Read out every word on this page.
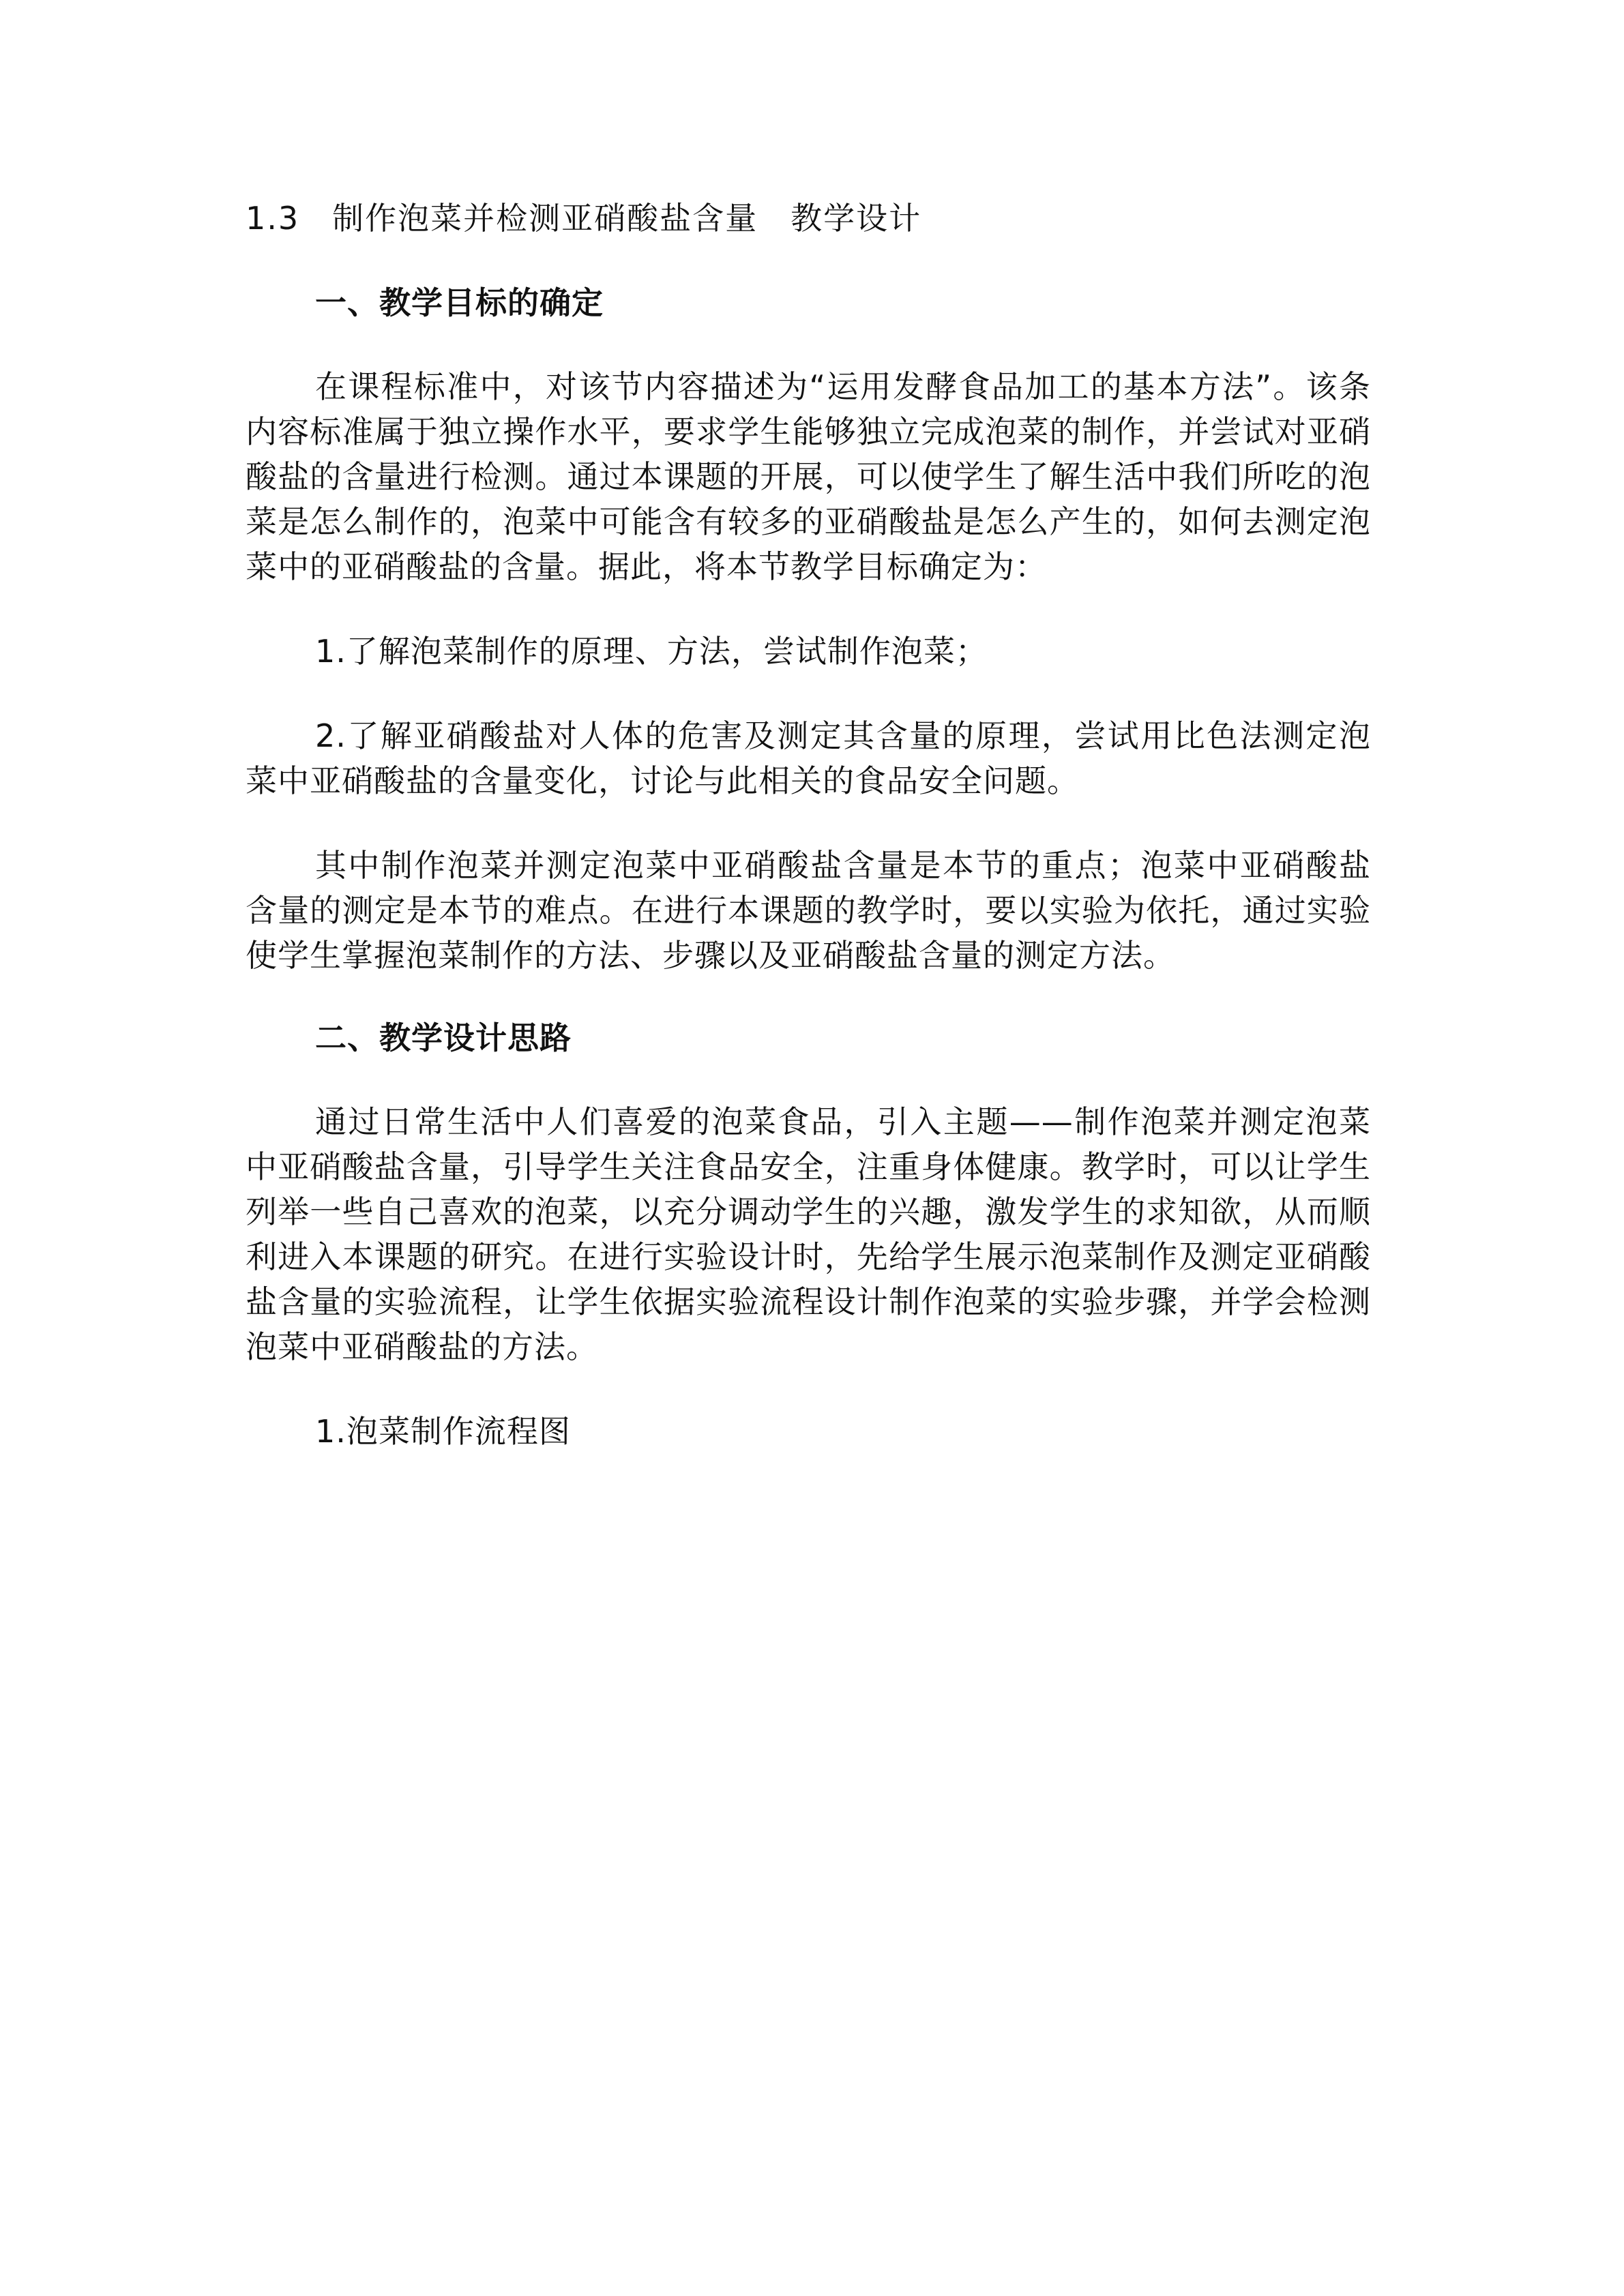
1.3　制作泡菜并检测亚硝酸盐含量　教学设计
一、教学目标的确定
在课程标准中，对该节内容描述为“运用发酵食品加工的基本方法”。该条内容标准属于独立操作水平，要求学生能够独立完成泡菜的制作，并尝试对亚硝酸盐的含量进行检测。通过本课题的开展，可以使学生了解生活中我们所吃的泡菜是怎么制作的，泡菜中可能含有较多的亚硝酸盐是怎么产生的，如何去测定泡菜中的亚硝酸盐的含量。据此，将本节教学目标确定为：
1.了解泡菜制作的原理、方法，尝试制作泡菜；
2.了解亚硝酸盐对人体的危害及测定其含量的原理，尝试用比色法测定泡菜中亚硝酸盐的含量变化，讨论与此相关的食品安全问题。
其中制作泡菜并测定泡菜中亚硝酸盐含量是本节的重点；泡菜中亚硝酸盐含量的测定是本节的难点。在进行本课题的教学时，要以实验为依托，通过实验使学生掌握泡菜制作的方法、步骤以及亚硝酸盐含量的测定方法。
二、教学设计思路
通过日常生活中人们喜爱的泡菜食品，引入主题——制作泡菜并测定泡菜中亚硝酸盐含量，引导学生关注食品安全，注重身体健康。教学时，可以让学生列举一些自己喜欢的泡菜，以充分调动学生的兴趣，激发学生的求知欲，从而顺利进入本课题的研究。在进行实验设计时，先给学生展示泡菜制作及测定亚硝酸盐含量的实验流程，让学生依据实验流程设计制作泡菜的实验步骤，并学会检测泡菜中亚硝酸盐的方法。
1.泡菜制作流程图
